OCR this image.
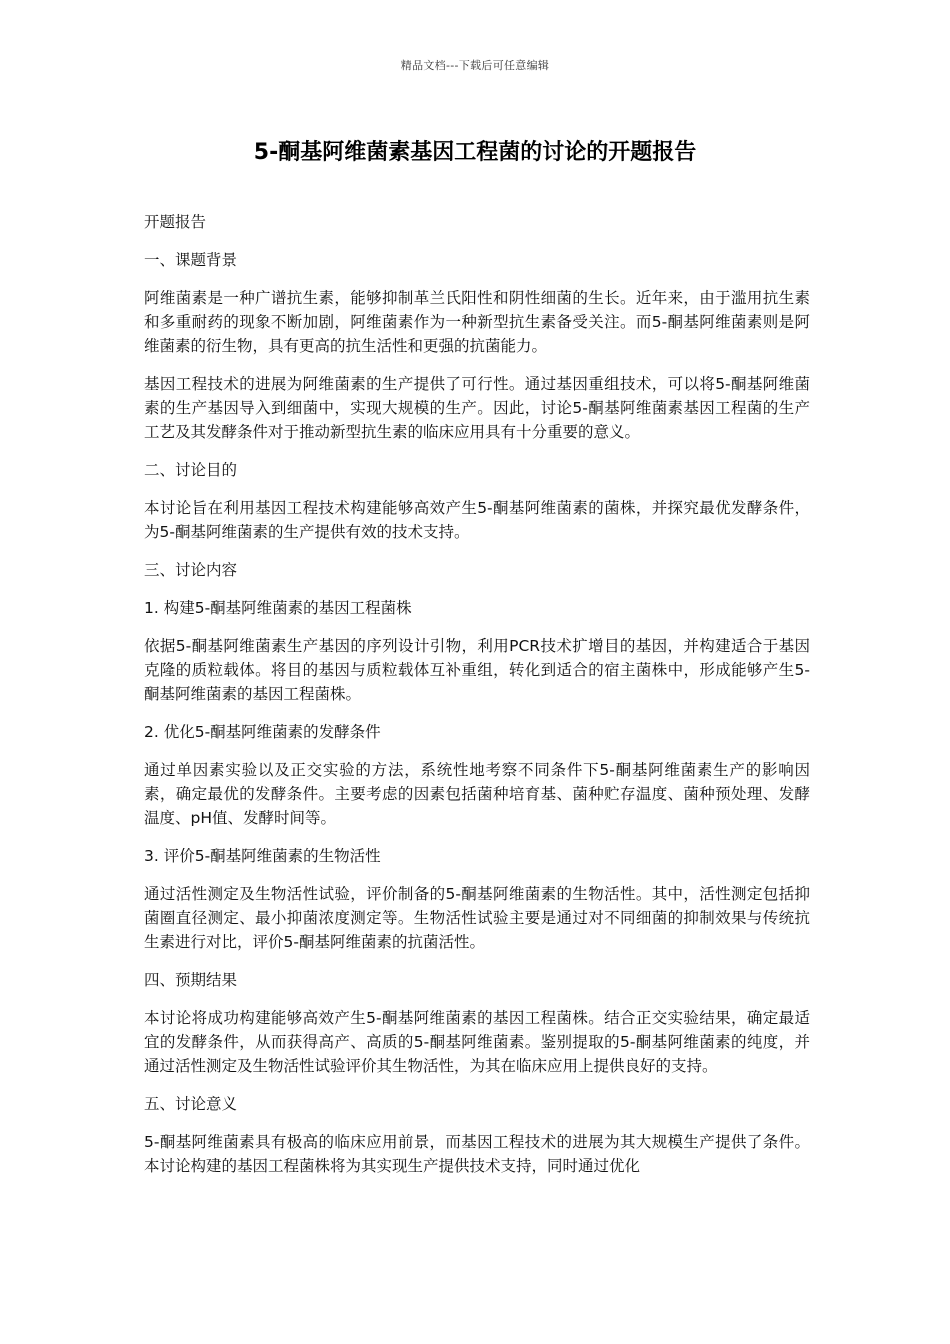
精品文档---下载后可任意编辑
5-酮基阿维菌素基因工程菌的讨论的开题报告

开题报告

一、课题背景

阿维菌素是一种广谱抗生素，能够抑制革兰氏阳性和阴性细菌的生长。近年来，由于滥用抗生素和多重耐药的现象不断加剧，阿维菌素作为一种新型抗生素备受关注。而5-酮基阿维菌素则是阿维菌素的衍生物，具有更高的抗生活性和更强的抗菌能力。

基因工程技术的进展为阿维菌素的生产提供了可行性。通过基因重组技术，可以将5-酮基阿维菌素的生产基因导入到细菌中，实现大规模的生产。因此，讨论5-酮基阿维菌素基因工程菌的生产工艺及其发酵条件对于推动新型抗生素的临床应用具有十分重要的意义。

二、讨论目的

本讨论旨在利用基因工程技术构建能够高效产生5-酮基阿维菌素的菌株，并探究最优发酵条件，为5-酮基阿维菌素的生产提供有效的技术支持。

三、讨论内容

1. 构建5-酮基阿维菌素的基因工程菌株

依据5-酮基阿维菌素生产基因的序列设计引物，利用PCR技术扩增目的基因，并构建适合于基因克隆的质粒载体。将目的基因与质粒载体互补重组，转化到适合的宿主菌株中，形成能够产生5-酮基阿维菌素的基因工程菌株。

2. 优化5-酮基阿维菌素的发酵条件

通过单因素实验以及正交实验的方法，系统性地考察不同条件下5-酮基阿维菌素生产的影响因素，确定最优的发酵条件。主要考虑的因素包括菌种培育基、菌种贮存温度、菌种预处理、发酵温度、pH值、发酵时间等。

3. 评价5-酮基阿维菌素的生物活性

通过活性测定及生物活性试验，评价制备的5-酮基阿维菌素的生物活性。其中，活性测定包括抑菌圈直径测定、最小抑菌浓度测定等。生物活性试验主要是通过对不同细菌的抑制效果与传统抗生素进行对比，评价5-酮基阿维菌素的抗菌活性。

四、预期结果

本讨论将成功构建能够高效产生5-酮基阿维菌素的基因工程菌株。结合正交实验结果，确定最适宜的发酵条件，从而获得高产、高质的5-酮基阿维菌素。鉴别提取的5-酮基阿维菌素的纯度，并通过活性测定及生物活性试验评价其生物活性，为其在临床应用上提供良好的支持。

五、讨论意义

5-酮基阿维菌素具有极高的临床应用前景，而基因工程技术的进展为其大规模生产提供了条件。本讨论构建的基因工程菌株将为其实现生产提供技术支持，同时通过优化
